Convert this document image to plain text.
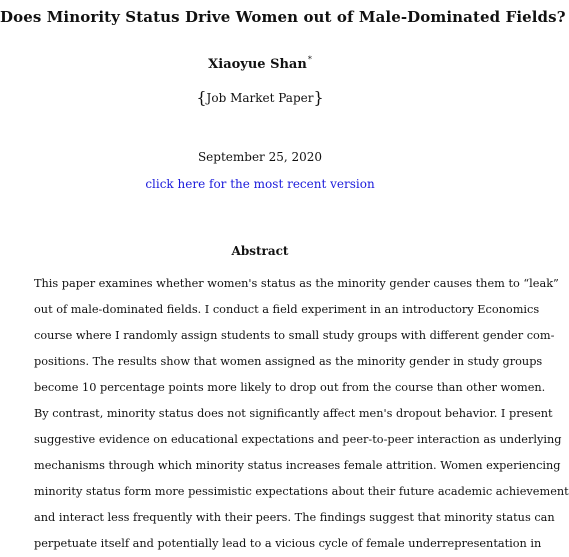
Does Minority Status Drive Women out of Male-Dominated Fields?
Xiaoyue Shan*
{Job Market Paper}
September 25, 2020
click here for the most recent version
Abstract
This paper examines whether women's status as the minority gender causes them to “leak”
out of male-dominated fields. I conduct a field experiment in an introductory Economics
course where I randomly assign students to small study groups with different gender com-
positions. The results show that women assigned as the minority gender in study groups
become 10 percentage points more likely to drop out from the course than other women.
By contrast, minority status does not significantly affect men's dropout behavior. I present
suggestive evidence on educational expectations and peer-to-peer interaction as underlying
mechanisms through which minority status increases female attrition. Women experiencing
minority status form more pessimistic expectations about their future academic achievement
and interact less frequently with their peers. The findings suggest that minority status can
perpetuate itself and potentially lead to a vicious cycle of female underrepresentation in
